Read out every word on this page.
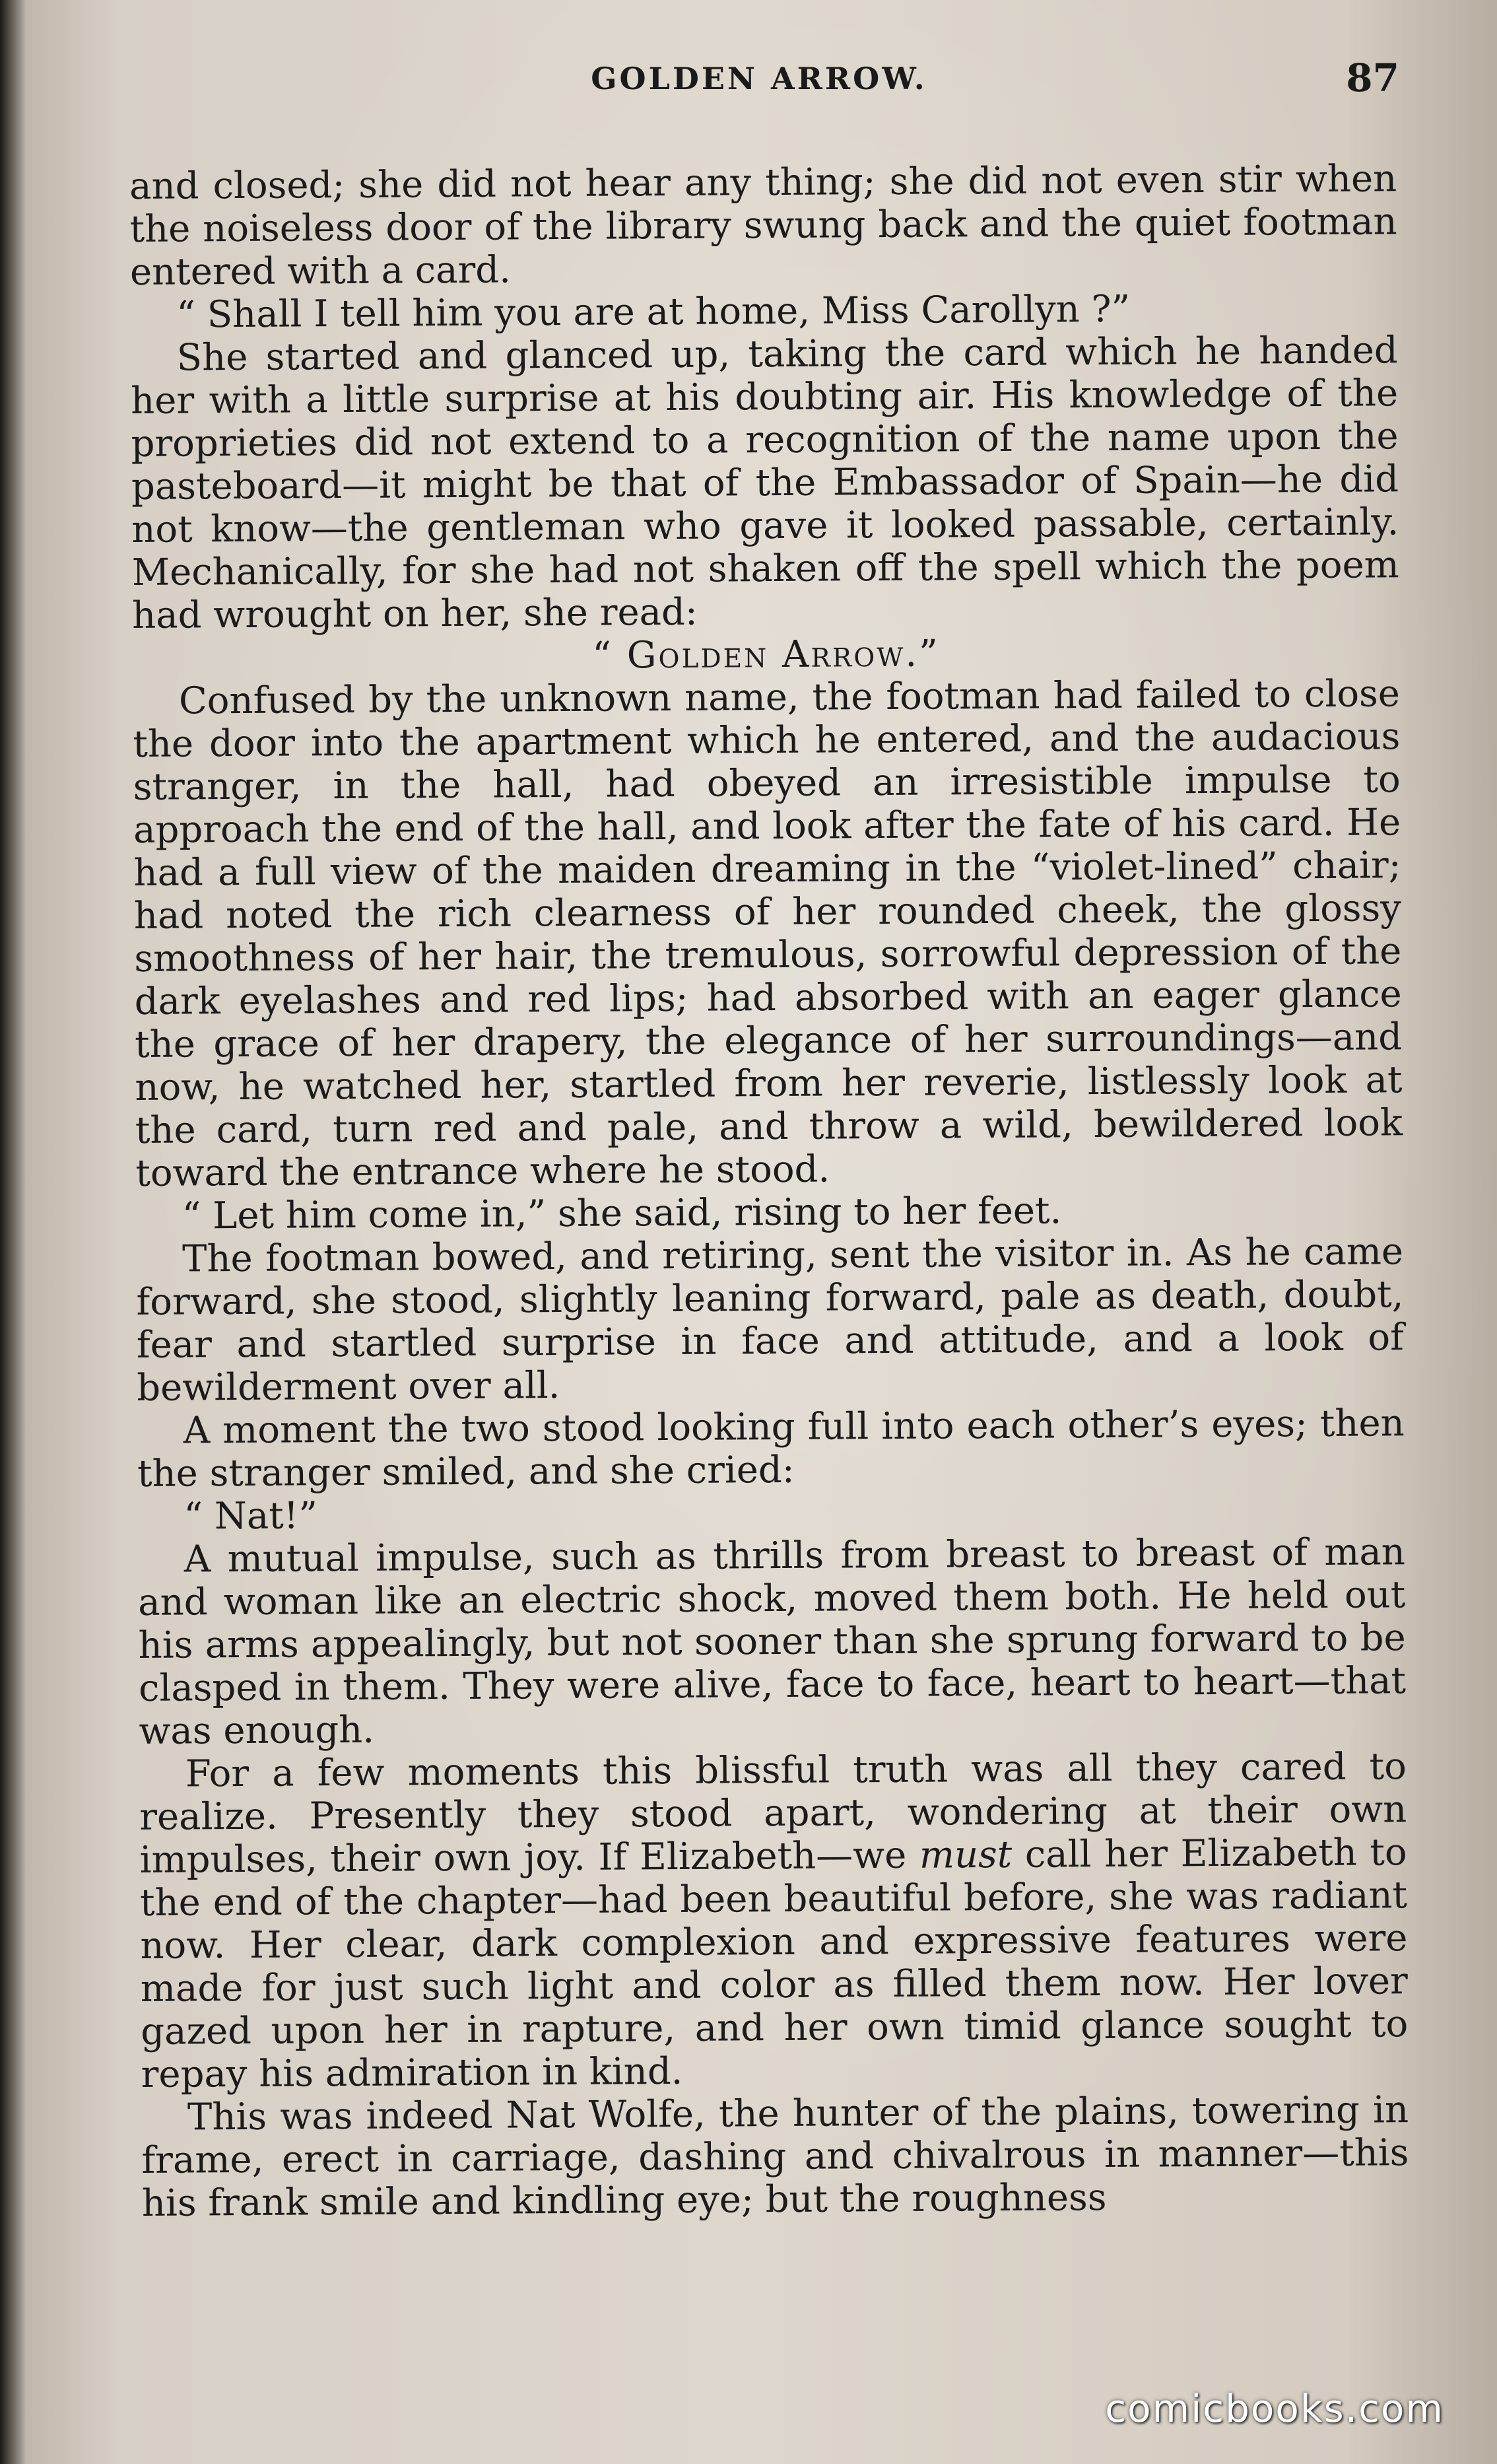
GOLDEN ARROW.	87

and closed; she did not hear any thing; she did not even stir when the noiseless door of the library swung back and the quiet footman entered with a card.

“ Shall I tell him you are at home, Miss Carollyn ?”

She started and glanced up, taking the card which he handed her with a little surprise at his doubting air. His knowledge of the proprieties did not extend to a recognition of the name upon the pasteboard—it might be that of the Embassador of Spain—he did not know—the gentleman who gave it looked passable, certainly. Mechanically, for she had not shaken off the spell which the poem had wrought on her, she read:

“ Golden Arrow.”

Confused by the unknown name, the footman had failed to close the door into the apartment which he entered, and the audacious stranger, in the hall, had obeyed an irresistible impulse to approach the end of the hall, and look after the fate of his card. He had a full view of the maiden dreaming in the “violet-lined” chair; had noted the rich clearness of her rounded cheek, the glossy smoothness of her hair, the tremulous, sorrowful depression of the dark eyelashes and red lips; had absorbed with an eager glance the grace of her drapery, the elegance of her surroundings—and now, he watched her, startled from her reverie, listlessly look at the card, turn red and pale, and throw a wild, bewildered look toward the entrance where he stood.

“ Let him come in,” she said, rising to her feet.

The footman bowed, and retiring, sent the visitor in. As he came forward, she stood, slightly leaning forward, pale as death, doubt, fear and startled surprise in face and attitude, and a look of bewilderment over all.

A moment the two stood looking full into each other’s eyes; then the stranger smiled, and she cried:

“ Nat!”

A mutual impulse, such as thrills from breast to breast of man and woman like an electric shock, moved them both. He held out his arms appealingly, but not sooner than she sprung forward to be clasped in them. They were alive, face to face, heart to heart—that was enough.

For a few moments this blissful truth was all they cared to realize. Presently they stood apart, wondering at their own impulses, their own joy. If Elizabeth—we must call her Elizabeth to the end of the chapter—had been beautiful before, she was radiant now. Her clear, dark complexion and expressive features were made for just such light and color as filled them now. Her lover gazed upon her in rapture, and her own timid glance sought to repay his admiration in kind.

This was indeed Nat Wolfe, the hunter of the plains, towering in frame, erect in carriage, dashing and chivalrous in manner—this his frank smile and kindling eye; but the roughness

comicbooks.com
